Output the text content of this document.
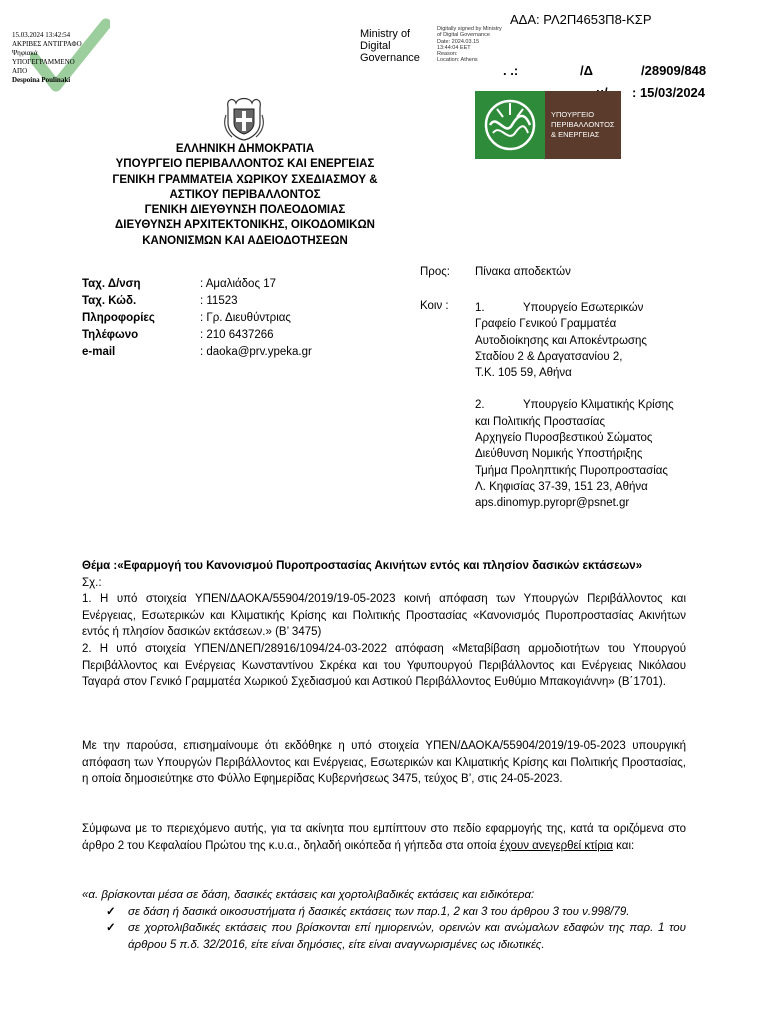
15.03.2024 13:42:54
ΑΚΡΙΒΕΣ ΑΝΤΙΓΡΑΦΟ
Ψηφιακά
ΥΠΟΓΕΓΡΑΜΜΕΝΟ
ΑΠΟ
Despoina Poulinaki
Ministry of
Digital
Governance
Digitally signed by Ministry
of Digital Governance
Date: 2024.03.15
13:44:04 EET
Reason:
Location: Athens
ΑΔΑ: ΡΛ2Π4653Π8-ΚΣΡ
. .:	/Δ	/28909/848
: 15/03/2024
ΥΠΟΥΡΓΕΙΟ
ΠΕΡΙΒΑΛΛΟΝΤΟΣ
& ΕΝΕΡΓΕΙΑΣ
ΕΛΛΗΝΙΚΗ ΔΗΜΟΚΡΑΤΙΑ
ΥΠΟΥΡΓΕΙΟ ΠΕΡΙΒΑΛΛΟΝΤΟΣ ΚΑΙ ΕΝΕΡΓΕΙΑΣ
ΓΕΝΙΚΗ ΓΡΑΜΜΑΤΕΙΑ ΧΩΡΙΚΟΥ ΣΧΕΔΙΑΣΜΟΥ &
ΑΣΤΙΚΟΥ ΠΕΡΙΒΑΛΛΟΝΤΟΣ
ΓΕΝΙΚΗ ΔΙΕΥΘΥΝΣΗ ΠΟΛΕΟΔΟΜΙΑΣ
ΔΙΕΥΘΥΝΣΗ ΑΡΧΙΤΕΚΤΟΝΙΚΗΣ, ΟΙΚΟΔΟΜΙΚΩΝ
ΚΑΝΟΝΙΣΜΩΝ ΚΑΙ ΑΔΕΙΟΔΟΤΗΣΕΩΝ
Ταχ. Δ/νση	: Αμαλιάδος 17
Ταχ. Κώδ.	: 11523
Πληροφορίες	: Γρ. Διευθύντριας
Τηλέφωνο	: 210 6437266
e-mail	: daoka@prv.ypeka.gr
Προς: Πίνακα αποδεκτών
Κοιν : 1.	Υπουργείο Εσωτερικών
Γραφείο Γενικού Γραμματέα
Αυτοδιοίκησης και Αποκέντρωσης
Σταδίου 2 & Δραγατσανίου 2,
Τ.Κ. 105 59, Αθήνα
2.	Υπουργείο Κλιματικής Κρίσης
και Πολιτικής Προστασίας
Αρχηγείο Πυροσβεστικού Σώματος
Διεύθυνση Νομικής Υποστήριξης
Τμήμα Προληπτικής Πυροπροστασίας
Λ. Κηφισίας 37-39, 151 23, Αθήνα
aps.dinomyp.pyropr@psnet.gr

Θέμα :«Εφαρμογή του Κανονισμού Πυροπροστασίας Ακινήτων εντός και πλησίον δασικών εκτάσεων»

Σχ.:

1. Η υπό στοιχεία ΥΠΕΝ/ΔΑΟΚΑ/55904/2019/19-05-2023 κοινή απόφαση των Υπουργών Περιβάλλοντος και Ενέργειας, Εσωτερικών και Κλιματικής Κρίσης και Πολιτικής Προστασίας «Κανονισμός Πυροπροστασίας Ακινήτων εντός ή πλησίον δασικών εκτάσεων.» (Β’ 3475)

2. Η υπό στοιχεία ΥΠΕΝ/ΔΝΕΠ/28916/1094/24-03-2022 απόφαση «Μεταβίβαση αρμοδιοτήτων του Υπουργού Περιβάλλοντος και Ενέργειας Κωνσταντίνου Σκρέκα και του Υφυπουργού Περιβάλλοντος και Ενέργειας Νικόλαου Ταγαρά στον Γενικό Γραμματέα Χωρικού Σχεδιασμού και Αστικού Περιβάλλοντος Ευθύμιο Μπακογιάννη» (Β΄1701).

Με την παρούσα, επισημαίνουμε ότι εκδόθηκε η υπό στοιχεία ΥΠΕΝ/ΔΑΟΚΑ/55904/2019/19-05-2023 υπουργική απόφαση των Υπουργών Περιβάλλοντος και Ενέργειας, Εσωτερικών και Κλιματικής Κρίσης και Πολιτικής Προστασίας, η οποία δημοσιεύτηκε στο Φύλλο Εφημερίδας Κυβερνήσεως 3475, τεύχος Β’, στις 24-05-2023.

Σύμφωνα με το περιεχόμενο αυτής, για τα ακίνητα που εμπίπτουν στο πεδίο εφαρμογής της, κατά τα οριζόμενα στο άρθρο 2 του Κεφαλαίου Πρώτου της κ.υ.α., δηλαδή οικόπεδα ή γήπεδα στα οποία έχουν ανεγερθεί κτίρια και:

«α. βρίσκονται μέσα σε δάση, δασικές εκτάσεις και χορτολιβαδικές εκτάσεις και ειδικότερα:

✓	σε δάση ή δασικά οικοσυστήματα ή δασικές εκτάσεις των παρ.1, 2 και 3 του άρθρου 3 του ν.998/79.
✓	σε χορτολιβαδικές εκτάσεις που βρίσκονται επί ημιορεινών, ορεινών και ανώμαλων εδαφών της παρ. 1 του άρθρου 5 π.δ. 32/2016, είτε είναι δημόσιες, είτε είναι αναγνωρισμένες ως ιδιωτικές.
